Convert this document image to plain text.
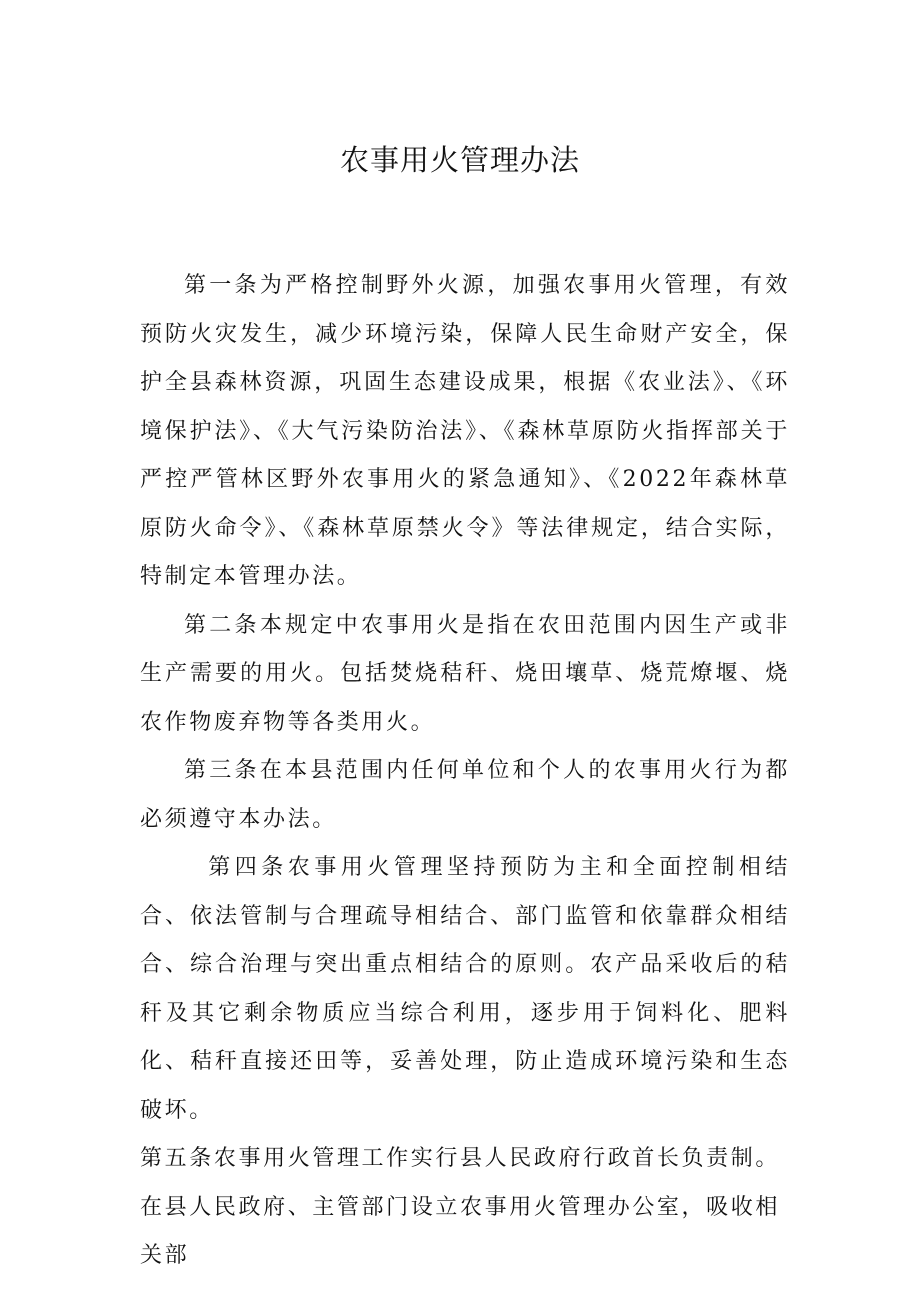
农事用火管理办法

第一条为严格控制野外火源，加强农事用火管理，有效预防火灾发生，减少环境污染，保障人民生命财产安全，保护全县森林资源，巩固生态建设成果，根据《农业法》、《环境保护法》、《大气污染防治法》、《森林草原防火指挥部关于严控严管林区野外农事用火的紧急通知》、《2022年森林草原防火命令》、《森林草原禁火令》等法律规定，结合实际，特制定本管理办法。

第二条本规定中农事用火是指在农田范围内因生产或非生产需要的用火。包括焚烧秸秆、烧田壤草、烧荒燎堰、烧农作物废弃物等各类用火。

第三条在本县范围内任何单位和个人的农事用火行为都必须遵守本办法。

第四条农事用火管理坚持预防为主和全面控制相结合、依法管制与合理疏导相结合、部门监管和依靠群众相结合、综合治理与突出重点相结合的原则。农产品采收后的秸秆及其它剩余物质应当综合利用，逐步用于饲料化、肥料化、秸秆直接还田等，妥善处理，防止造成环境污染和生态破坏。

第五条农事用火管理工作实行县人民政府行政首长负责制。在县人民政府、主管部门设立农事用火管理办公室，吸收相关部
